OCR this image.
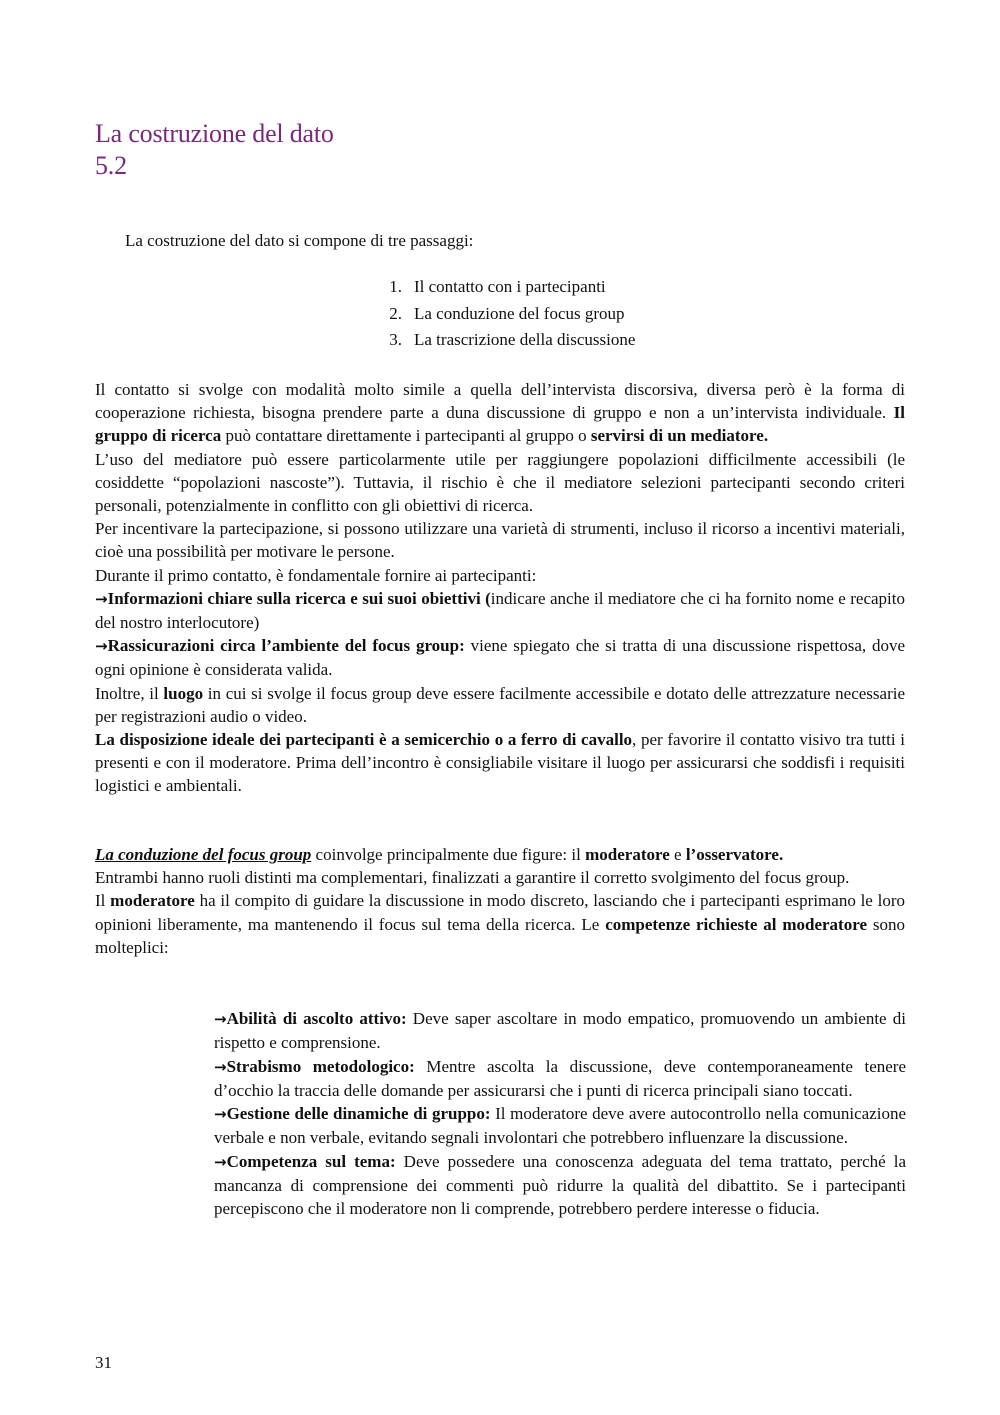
La costruzione del dato
5.2
La costruzione del dato si compone di tre passaggi:
1. Il contatto con i partecipanti
2. La conduzione del focus group
3. La trascrizione della discussione

Il contatto si svolge con modalità molto simile a quella dell’intervista discorsiva, diversa però è la forma di cooperazione richiesta, bisogna prendere parte a duna discussione di gruppo e non a un’intervista individuale. Il gruppo di ricerca può contattare direttamente i partecipanti al gruppo o servirsi di un mediatore.

L’uso del mediatore può essere particolarmente utile per raggiungere popolazioni difficilmente accessibili (le cosiddette “popolazioni nascoste”). Tuttavia, il rischio è che il mediatore selezioni partecipanti secondo criteri personali, potenzialmente in conflitto con gli obiettivi di ricerca.

Per incentivare la partecipazione, si possono utilizzare una varietà di strumenti, incluso il ricorso a incentivi materiali, cioè una possibilità per motivare le persone.

Durante il primo contatto, è fondamentale fornire ai partecipanti:

→Informazioni chiare sulla ricerca e sui suoi obiettivi (indicare anche il mediatore che ci ha fornito nome e recapito del nostro interlocutore)

→Rassicurazioni circa l’ambiente del focus group: viene spiegato che si tratta di una discussione rispettosa, dove ogni opinione è considerata valida.

Inoltre, il luogo in cui si svolge il focus group deve essere facilmente accessibile e dotato delle attrezzature necessarie per registrazioni audio o video.

La disposizione ideale dei partecipanti è a semicerchio o a ferro di cavallo, per favorire il contatto visivo tra tutti i presenti e con il moderatore. Prima dell’incontro è consigliabile visitare il luogo per assicurarsi che soddisfi i requisiti logistici e ambientali.

La conduzione del focus group coinvolge principalmente due figure: il moderatore e l’osservatore.

Entrambi hanno ruoli distinti ma complementari, finalizzati a garantire il corretto svolgimento del focus group.

Il moderatore ha il compito di guidare la discussione in modo discreto, lasciando che i partecipanti esprimano le loro opinioni liberamente, ma mantenendo il focus sul tema della ricerca. Le competenze richieste al moderatore sono molteplici:

→Abilità di ascolto attivo: Deve saper ascoltare in modo empatico, promuovendo un ambiente di rispetto e comprensione.

→Strabismo metodologico: Mentre ascolta la discussione, deve contemporaneamente tenere d’occhio la traccia delle domande per assicurarsi che i punti di ricerca principali siano toccati.

→Gestione delle dinamiche di gruppo: Il moderatore deve avere autocontrollo nella comunicazione verbale e non verbale, evitando segnali involontari che potrebbero influenzare la discussione.

→Competenza sul tema: Deve possedere una conoscenza adeguata del tema trattato, perché la mancanza di comprensione dei commenti può ridurre la qualità del dibattito. Se i partecipanti percepiscono che il moderatore non li comprende, potrebbero perdere interesse o fiducia.

31
